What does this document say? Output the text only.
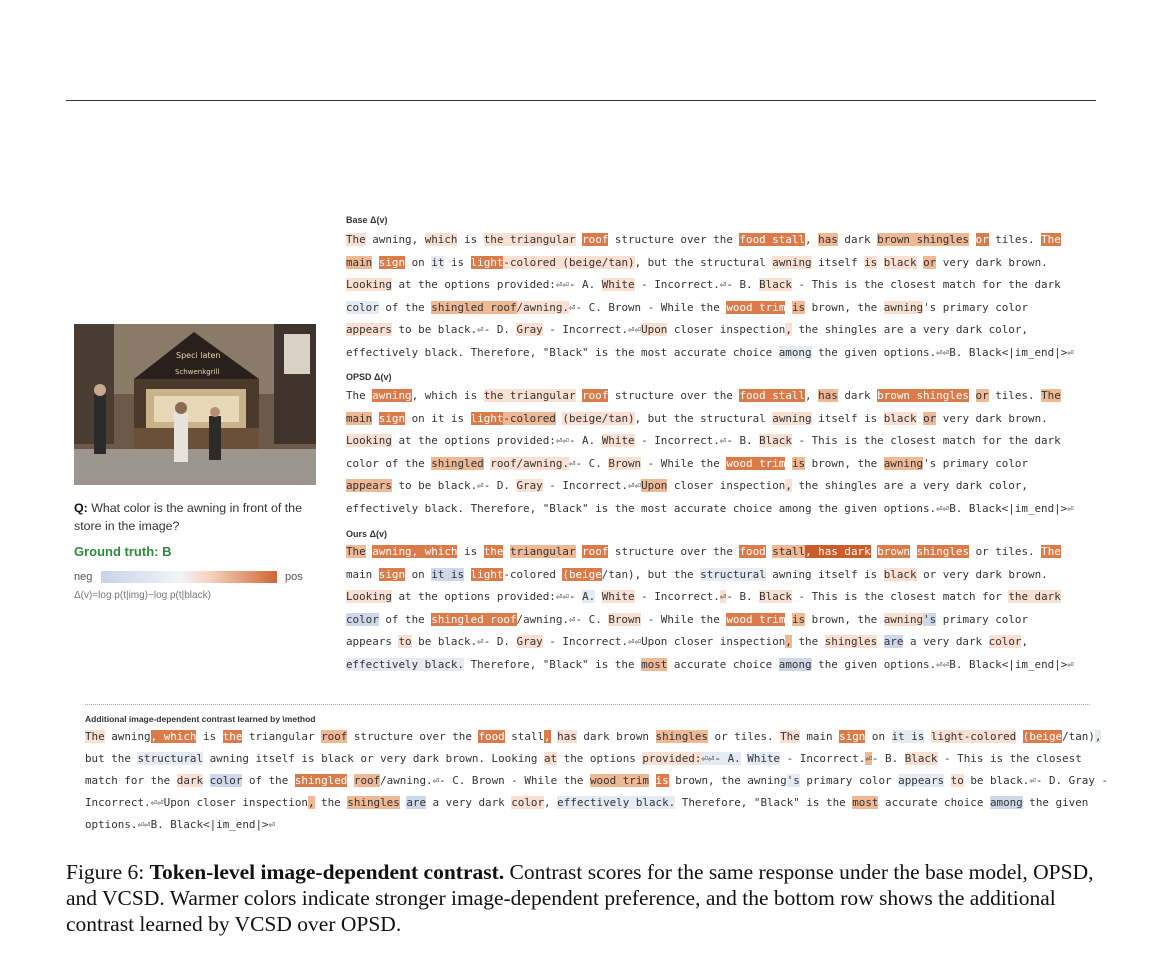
Speci laten
Schwenkgrill
Q: What color is the awning in front of the store in the image?
Ground truth: B
neg	pos
Δ(v)=log p(t|img)−log p(t|black)
Base Δ(v)
The awning, which is the triangular roof structure over the food stall, has dark brown shingles or tiles. The
main sign on it is light-colored (beige/tan), but the structural awning itself is black or very dark brown.
Looking at the options provided:⏎⏎- A. White - Incorrect.⏎- B. Black - This is the closest match for the dark
color of the shingled roof/awning.⏎- C. Brown - While the wood trim is brown, the awning's primary color
appears to be black.⏎- D. Gray - Incorrect.⏎⏎Upon closer inspection, the shingles are a very dark color,
effectively black. Therefore, "Black" is the most accurate choice among the given options.⏎⏎B. Black<|im_end|>⏎
OPSD Δ(v)
The awning, which is the triangular roof structure over the food stall, has dark brown shingles or tiles. The
main sign on it is light-colored (beige/tan), but the structural awning itself is black or very dark brown.
Looking at the options provided:⏎⏎- A. White - Incorrect.⏎- B. Black - This is the closest match for the dark
color of the shingled roof/awning.⏎- C. Brown - While the wood trim is brown, the awning's primary color
appears to be black.⏎- D. Gray - Incorrect.⏎⏎Upon closer inspection, the shingles are a very dark color,
effectively black. Therefore, "Black" is the most accurate choice among the given options.⏎⏎B. Black<|im_end|>⏎
Ours Δ(v)
The awning, which is the triangular roof structure over the food stall, has dark brown shingles or tiles. The
main sign on it is light-colored (beige/tan), but the structural awning itself is black or very dark brown.
Looking at the options provided:⏎⏎- A. White - Incorrect.⏎- B. Black - This is the closest match for the dark
color of the shingled roof/awning.⏎- C. Brown - While the wood trim is brown, the awning's primary color
appears to be black.⏎- D. Gray - Incorrect.⏎⏎Upon closer inspection, the shingles are a very dark color,
effectively black. Therefore, "Black" is the most accurate choice among the given options.⏎⏎B. Black<|im_end|>⏎
Additional image-dependent contrast learned by \method
The awning, which is the triangular roof structure over the food stall, has dark brown shingles or tiles. The main sign on it is light-colored (beige/tan),
but the structural awning itself is black or very dark brown. Looking at the options provided:⏎⏎- A. White - Incorrect.⏎- B. Black - This is the closest
match for the dark color of the shingled roof/awning.⏎- C. Brown - While the wood trim is brown, the awning's primary color appears to be black.⏎- D. Gray -
Incorrect.⏎⏎Upon closer inspection, the shingles are a very dark color, effectively black. Therefore, "Black" is the most accurate choice among the given
options.⏎⏎B. Black<|im_end|>⏎
Figure 6: Token-level image-dependent contrast. Contrast scores for the same response under the base model, OPSD, and VCSD. Warmer colors indicate stronger image-dependent preference, and the bottom row shows the additional contrast learned by VCSD over OPSD.
